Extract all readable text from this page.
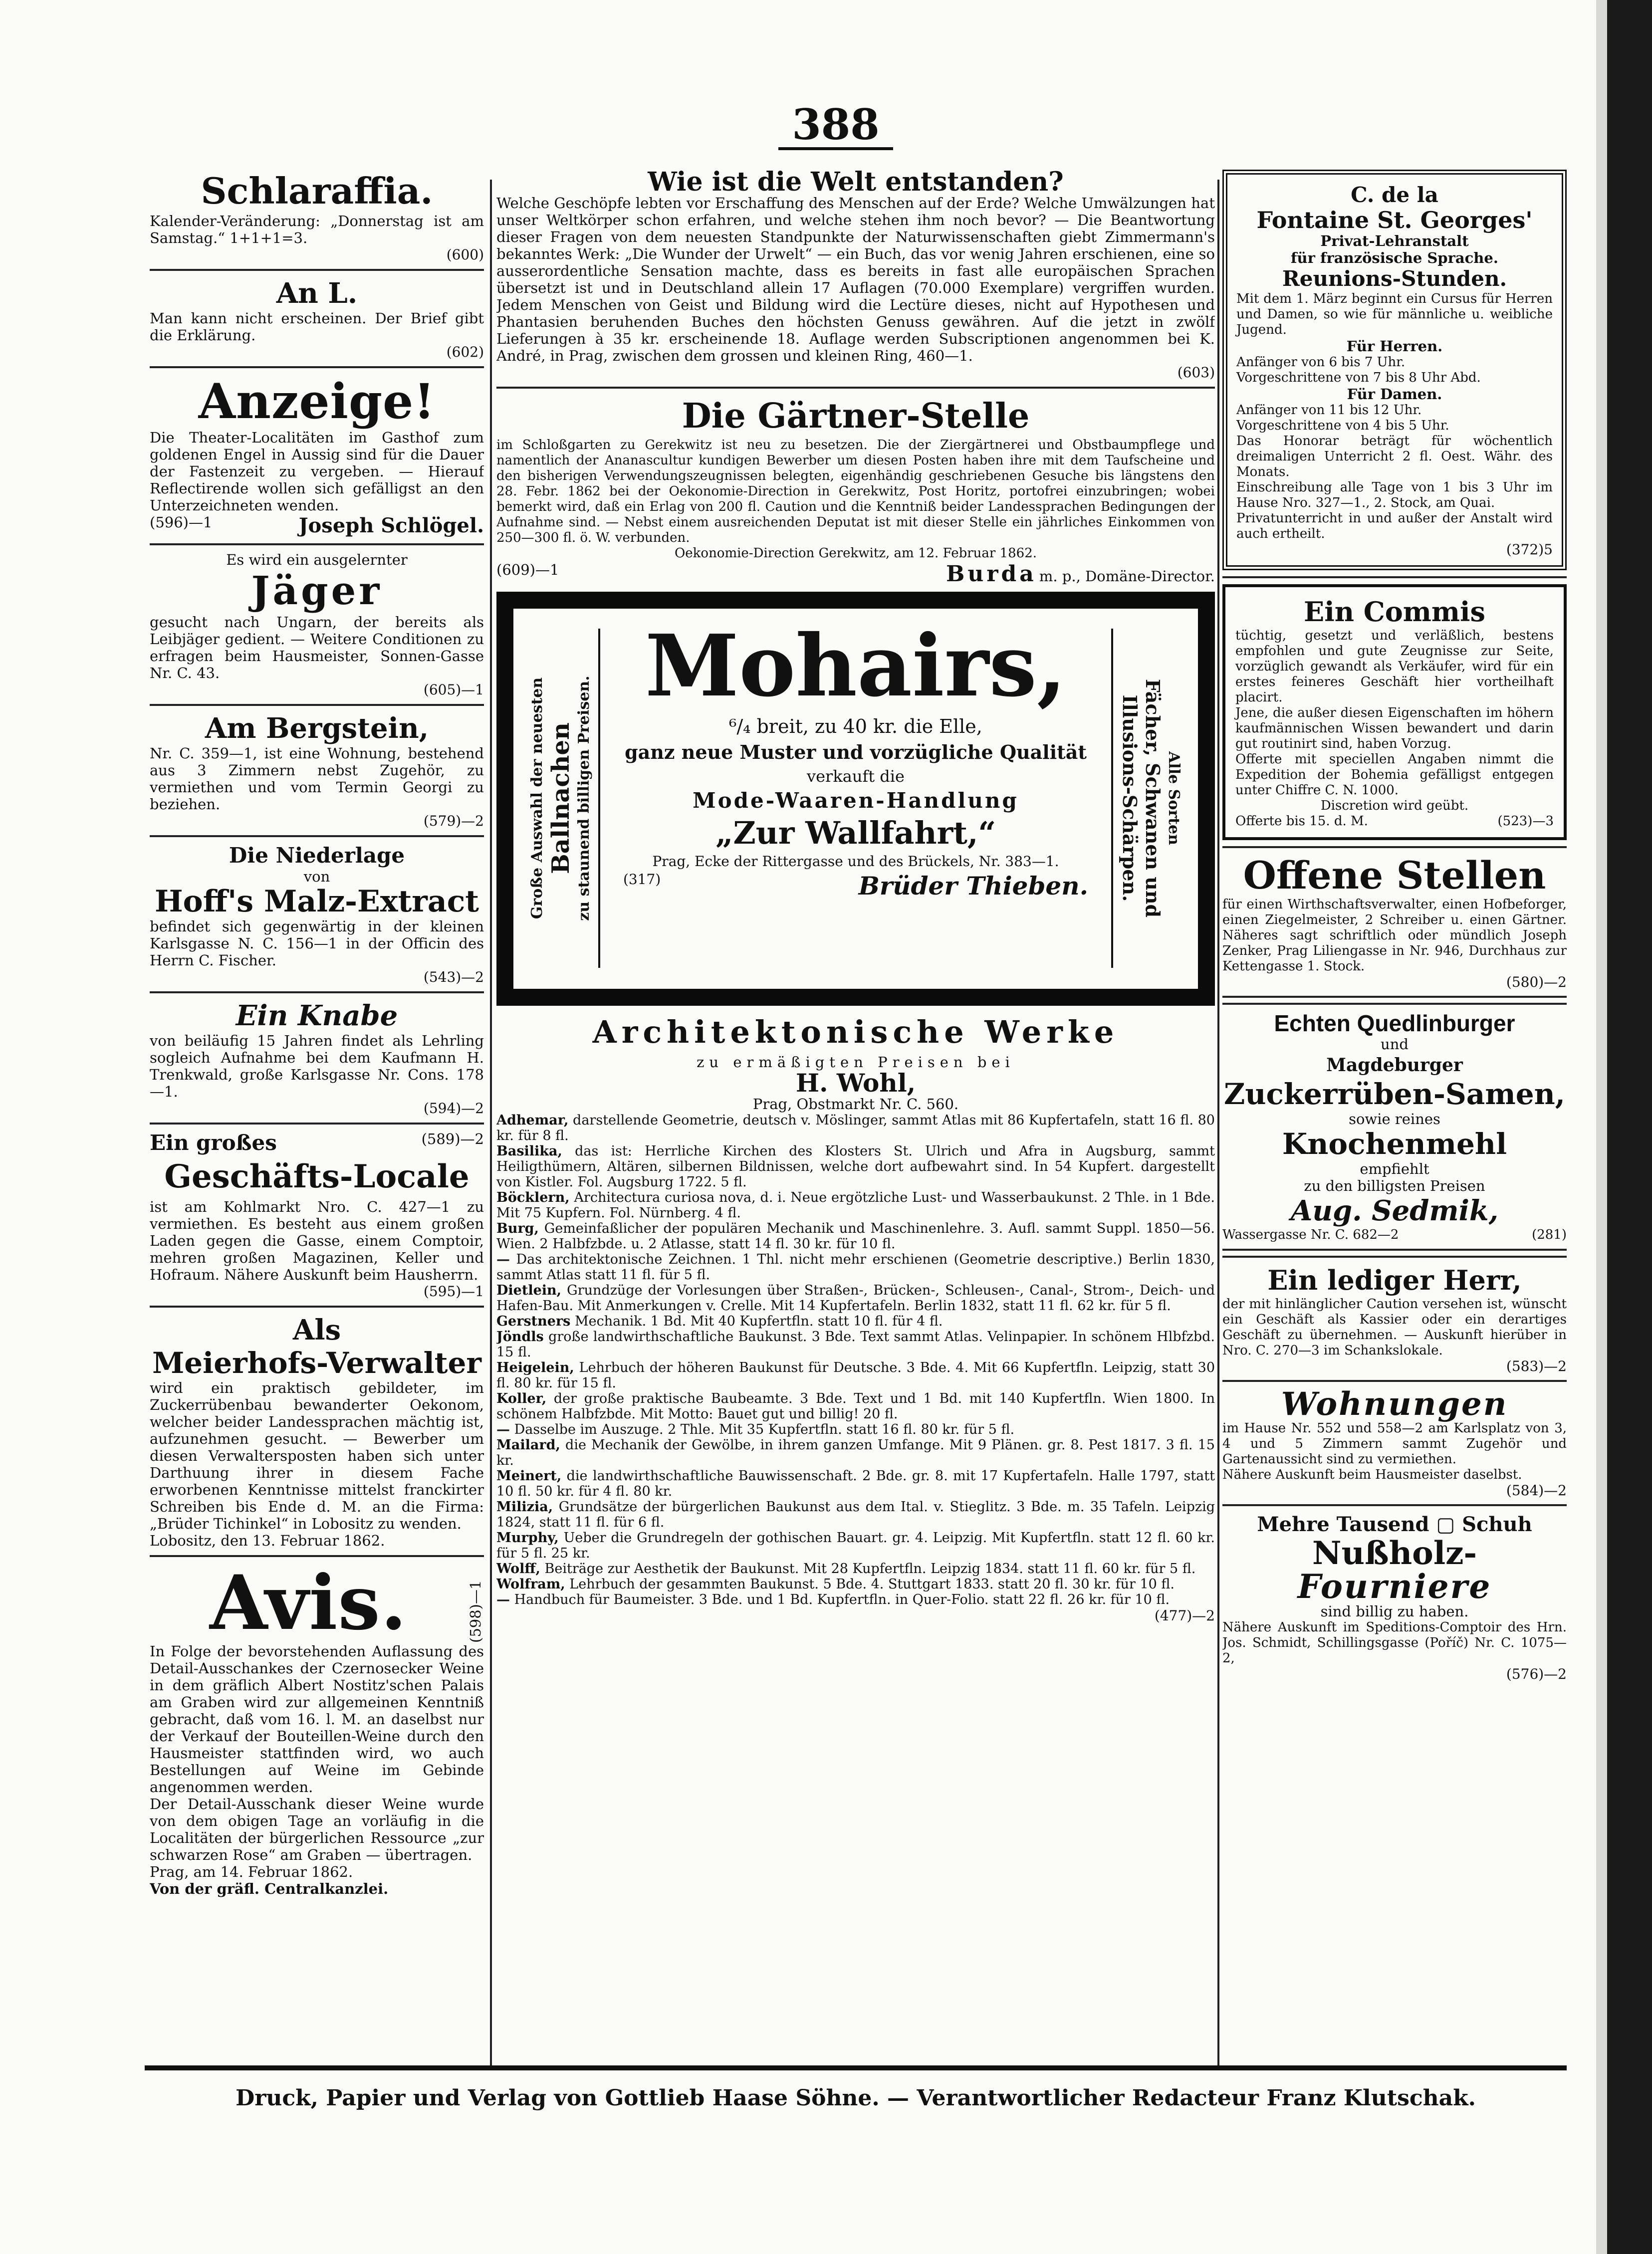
388
Schlaraffia.
Kalender-Veränderung: „Donnerstag ist am Samstag.“ 1+1+1=3.
(600)
An L.
Man kann nicht erscheinen. Der Brief gibt die Erklärung.
(602)
Anzeige!
Die Theater-Localitäten im Gasthof zum goldenen Engel in Aussig sind für die Dauer der Fastenzeit zu vergeben. — Hierauf Reflectirende wollen sich gefälligst an den Unterzeichneten wenden.
(596)—1	Joseph Schlögel.
Es wird ein ausgelernter
Jäger
gesucht nach Ungarn, der bereits als Leibjäger gedient. — Weitere Conditionen zu erfragen beim Hausmeister, Sonnen-Gasse Nr. C. 43.
(605)—1
Am Bergstein,
Nr. C. 359—1, ist eine Wohnung, bestehend aus 3 Zimmern nebst Zugehör, zu vermiethen und vom Termin Georgi zu beziehen.
(579)—2
Die Niederlage
von
Hoff's Malz-Extract
befindet sich gegenwärtig in der kleinen Karlsgasse N. C. 156—1 in der Officin des Herrn C. Fischer.
(543)—2
Ein Knabe
von beiläufig 15 Jahren findet als Lehrling sogleich Aufnahme bei dem Kaufmann H. Trenkwald, große Karlsgasse Nr. Cons. 178—1.
(594)—2
Ein großes	(589)—2
Geschäfts-Locale
ist am Kohlmarkt Nro. C. 427—1 zu vermiethen. Es besteht aus einem großen Laden gegen die Gasse, einem Comptoir, mehren großen Magazinen, Keller und Hofraum. Nähere Auskunft beim Hausherrn.
(595)—1
Als
Meierhofs-Verwalter
wird ein praktisch gebildeter, im Zuckerrübenbau bewanderter Oekonom, welcher beider Landessprachen mächtig ist, aufzunehmen gesucht. — Bewerber um diesen Verwaltersposten haben sich unter Darthuung ihrer in diesem Fache erworbenen Kenntnisse mittelst franckirter Schreiben bis Ende d. M. an die Firma: „Brüder Tichinkel“ in Lobositz zu wenden.
Lobositz, den 13. Februar 1862.
Avis.	(598)—1
In Folge der bevorstehenden Auflassung des Detail-Ausschankes der Czernosecker Weine in dem gräflich Albert Nostitz'schen Palais am Graben wird zur allgemeinen Kenntniß gebracht, daß vom 16. l. M. an daselbst nur der Verkauf der Bouteillen-Weine durch den Hausmeister stattfinden wird, wo auch Bestellungen auf Weine im Gebinde angenommen werden.
Der Detail-Ausschank dieser Weine wurde von dem obigen Tage an vorläufig in die Localitäten der bürgerlichen Ressource „zur schwarzen Rose“ am Graben — übertragen.
Prag, am 14. Februar 1862.
Von der gräfl. Centralkanzlei.
Wie ist die Welt entstanden?
Welche Geschöpfe lebten vor Erschaffung des Menschen auf der Erde? Welche Umwälzungen hat unser Weltkörper schon erfahren, und welche stehen ihm noch bevor? — Die Beantwortung dieser Fragen von dem neuesten Standpunkte der Naturwissenschaften giebt Zimmermann's bekanntes Werk: „Die Wunder der Urwelt“ — ein Buch, das vor wenig Jahren erschienen, eine so ausserordentliche Sensation machte, dass es bereits in fast alle europäischen Sprachen übersetzt ist und in Deutschland allein 17 Auflagen (70.000 Exemplare) vergriffen wurden. Jedem Menschen von Geist und Bildung wird die Lectüre dieses, nicht auf Hypothesen und Phantasien beruhenden Buches den höchsten Genuss gewähren. Auf die jetzt in zwölf Lieferungen à 35 kr. erscheinende 18. Auflage werden Subscriptionen angenommen bei K. André, in Prag, zwischen dem grossen und kleinen Ring, 460—1.
(603)
Die Gärtner-Stelle
im Schloßgarten zu Gerekwitz ist neu zu besetzen. Die der Ziergärtnerei und Obstbaumpflege und namentlich der Ananascultur kundigen Bewerber um diesen Posten haben ihre mit dem Taufscheine und den bisherigen Verwendungszeugnissen belegten, eigenhändig geschriebenen Gesuche bis längstens den 28. Febr. 1862 bei der Oekonomie-Direction in Gerekwitz, Post Horitz, portofrei einzubringen; wobei bemerkt wird, daß ein Erlag von 200 fl. Caution und die Kenntniß beider Landessprachen Bedingungen der Aufnahme sind. — Nebst einem ausreichenden Deputat ist mit dieser Stelle ein jährliches Einkommen von 250—300 fl. ö. W. verbunden.
Oekonomie-Direction Gerekwitz, am 12. Februar 1862.
(609)—1	Burda m. p., Domäne-Director.
Große Auswahl der neuesten Ballnachen zu staunend billigen Preisen.
Mohairs,
⁶/₄ breit, zu 40 kr. die Elle,
ganz neue Muster und vorzügliche Qualität
verkauft die
Mode-Waaren-Handlung
„Zur Wallfahrt,“
Prag, Ecke der Rittergasse und des Brückels, Nr. 383—1.
(317)	Brüder Thieben.
Alle Sorten
Fächer, Schwanen und
Illusions-Schärpen.
Architektonische Werke
zu ermäßigten Preisen bei
H. Wohl,
Prag, Obstmarkt Nr. C. 560.
Adhemar, darstellende Geometrie, deutsch v. Möslinger, sammt Atlas mit 86 Kupfertafeln, statt 16 fl. 80 kr. für 8 fl.
Basilika, das ist: Herrliche Kirchen des Klosters St. Ulrich und Afra in Augsburg, sammt Heiligthümern, Altären, silbernen Bildnissen, welche dort aufbewahrt sind. In 54 Kupfert. dargestellt von Kistler. Fol. Augsburg 1722. 5 fl.
Böcklern, Architectura curiosa nova, d. i. Neue ergötzliche Lust- und Wasserbaukunst. 2 Thle. in 1 Bde. Mit 75 Kupfern. Fol. Nürnberg. 4 fl.
Burg, Gemeinfaßlicher der populären Mechanik und Maschinenlehre. 3. Aufl. sammt Suppl. 1850—56. Wien. 2 Halbfzbde. u. 2 Atlasse, statt 14 fl. 30 kr. für 10 fl.
— Das architektonische Zeichnen. 1 Thl. nicht mehr erschienen (Geometrie descriptive.) Berlin 1830, sammt Atlas statt 11 fl. für 5 fl.
Dietlein, Grundzüge der Vorlesungen über Straßen-, Brücken-, Schleusen-, Canal-, Strom-, Deich- und Hafen-Bau. Mit Anmerkungen v. Crelle. Mit 14 Kupfertafeln. Berlin 1832, statt 11 fl. 62 kr. für 5 fl.
Gerstners Mechanik. 1 Bd. Mit 40 Kupfertfln. statt 10 fl. für 4 fl.
Jöndls große landwirthschaftliche Baukunst. 3 Bde. Text sammt Atlas. Velinpapier. In schönem Hlbfzbd. 15 fl.
Heigelein, Lehrbuch der höheren Baukunst für Deutsche. 3 Bde. 4. Mit 66 Kupfertfln. Leipzig, statt 30 fl. 80 kr. für 15 fl.
Koller, der große praktische Baubeamte. 3 Bde. Text und 1 Bd. mit 140 Kupfertfln. Wien 1800. In schönem Halbfzbde. Mit Motto: Bauet gut und billig! 20 fl.
— Dasselbe im Auszuge. 2 Thle. Mit 35 Kupfertfln. statt 16 fl. 80 kr. für 5 fl.
Mailard, die Mechanik der Gewölbe, in ihrem ganzen Umfange. Mit 9 Plänen. gr. 8. Pest 1817. 3 fl. 15 kr.
Meinert, die landwirthschaftliche Bauwissenschaft. 2 Bde. gr. 8. mit 17 Kupfertafeln. Halle 1797, statt 10 fl. 50 kr. für 4 fl. 80 kr.
Milizia, Grundsätze der bürgerlichen Baukunst aus dem Ital. v. Stieglitz. 3 Bde. m. 35 Tafeln. Leipzig 1824, statt 11 fl. für 6 fl.
Murphy, Ueber die Grundregeln der gothischen Bauart. gr. 4. Leipzig. Mit Kupfertfln. statt 12 fl. 60 kr. für 5 fl. 25 kr.
Wolff, Beiträge zur Aesthetik der Baukunst. Mit 28 Kupfertfln. Leipzig 1834. statt 11 fl. 60 kr. für 5 fl.
Wolfram, Lehrbuch der gesammten Baukunst. 5 Bde. 4. Stuttgart 1833. statt 20 fl. 30 kr. für 10 fl.
— Handbuch für Baumeister. 3 Bde. und 1 Bd. Kupfertfln. in Quer-Folio. statt 22 fl. 26 kr. für 10 fl.
(477)—2
C. de la
Fontaine St. Georges'
Privat-Lehranstalt
für französische Sprache.
Reunions-Stunden.
Mit dem 1. März beginnt ein Cursus für Herren und Damen, so wie für männliche u. weibliche Jugend.
Für Herren.
Anfänger von 6 bis 7 Uhr.
Vorgeschrittene von 7 bis 8 Uhr Abd.
Für Damen.
Anfänger von 11 bis 12 Uhr.
Vorgeschrittene von 4 bis 5 Uhr.
Das Honorar beträgt für wöchentlich dreimaligen Unterricht 2 fl. Oest. Währ. des Monats.
Einschreibung alle Tage von 1 bis 3 Uhr im Hause Nro. 327—1., 2. Stock, am Quai.
Privatunterricht in und außer der Anstalt wird auch ertheilt.
(372)5
Ein Commis
tüchtig, gesetzt und verläßlich, bestens empfohlen und gute Zeugnisse zur Seite, vorzüglich gewandt als Verkäufer, wird für ein erstes feineres Geschäft hier vortheilhaft placirt.
Jene, die außer diesen Eigenschaften im höhern kaufmännischen Wissen bewandert und darin gut routinirt sind, haben Vorzug.
Offerte mit speciellen Angaben nimmt die Expedition der Bohemia gefälligst entgegen unter Chiffre C. N. 1000.
Discretion wird geübt.
Offerte bis 15. d. M.	(523)—3
Offene Stellen
für einen Wirthschaftsverwalter, einen Hofbeforger, einen Ziegelmeister, 2 Schreiber u. einen Gärtner. Näheres sagt schriftlich oder mündlich Joseph Zenker, Prag Liliengasse in Nr. 946, Durchhaus zur Kettengasse 1. Stock.
(580)—2
Echten Quedlinburger
und
Magdeburger
Zuckerrüben-Samen,
sowie reines
Knochenmehl
empfiehlt
zu den billigsten Preisen
Aug. Sedmik,
Wassergasse Nr. C. 682—2	(281)
Ein lediger Herr,
der mit hinlänglicher Caution versehen ist, wünscht ein Geschäft als Kassier oder ein derartiges Geschäft zu übernehmen. — Auskunft hierüber in Nro. C. 270—3 im Schankslokale.
(583)—2
Wohnungen
im Hause Nr. 552 und 558—2 am Karlsplatz von 3, 4 und 5 Zimmern sammt Zugehör und Gartenaussicht sind zu vermiethen.
Nähere Auskunft beim Hausmeister daselbst.
(584)—2
Mehre Tausend ▢ Schuh
Nußholz-
Fourniere
sind billig zu haben.
Nähere Auskunft im Speditions-Comptoir des Hrn. Jos. Schmidt, Schillingsgasse (Poříč) Nr. C. 1075—2,
(576)—2
Druck, Papier und Verlag von Gottlieb Haase Söhne. — Verantwortlicher Redacteur Franz Klutschak.
